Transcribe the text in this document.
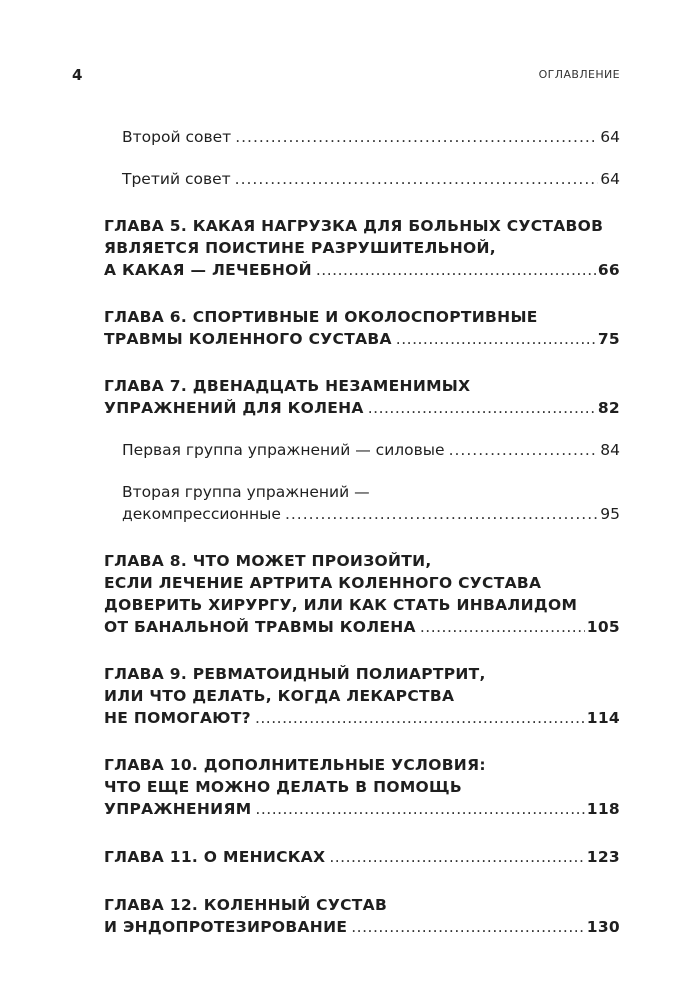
4	ОГЛАВЛЕНИЕ
Второй совет .....	64
Третий совет .....	64
ГЛАВА 5. КАКАЯ НАГРУЗКА ДЛЯ БОЛЬНЫХ СУСТАВОВ
ЯВЛЯЕТСЯ ПОИСТИНЕ РАЗРУШИТЕЛЬНОЙ,
А КАКАЯ — ЛЕЧЕБНОЙ .....	66
ГЛАВА 6. СПОРТИВНЫЕ И ОКОЛОСПОРТИВНЫЕ
ТРАВМЫ КОЛЕННОГО СУСТАВА .....	75
ГЛАВА 7. ДВЕНАДЦАТЬ НЕЗАМЕНИМЫХ
УПРАЖНЕНИЙ ДЛЯ КОЛЕНА .....	82
Первая группа упражнений — силовые .....	84
Вторая группа упражнений —
декомпрессионные .....	95
ГЛАВА 8. ЧТО МОЖЕТ ПРОИЗОЙТИ,
ЕСЛИ ЛЕЧЕНИЕ АРТРИТА КОЛЕННОГО СУСТАВА
ДОВЕРИТЬ ХИРУРГУ, ИЛИ КАК СТАТЬ ИНВАЛИДОМ
ОТ БАНАЛЬНОЙ ТРАВМЫ КОЛЕНА .....	105
ГЛАВА 9. РЕВМАТОИДНЫЙ ПОЛИАРТРИТ,
ИЛИ ЧТО ДЕЛАТЬ, КОГДА ЛЕКАРСТВА
НЕ ПОМОГАЮТ? .....	114
ГЛАВА 10. ДОПОЛНИТЕЛЬНЫЕ УСЛОВИЯ:
ЧТО ЕЩЕ МОЖНО ДЕЛАТЬ В ПОМОЩЬ
УПРАЖНЕНИЯМ .....	118
ГЛАВА 11. О МЕНИСКАХ .....	123
ГЛАВА 12. КОЛЕННЫЙ СУСТАВ
И ЭНДОПРОТЕЗИРОВАНИЕ .....	130
